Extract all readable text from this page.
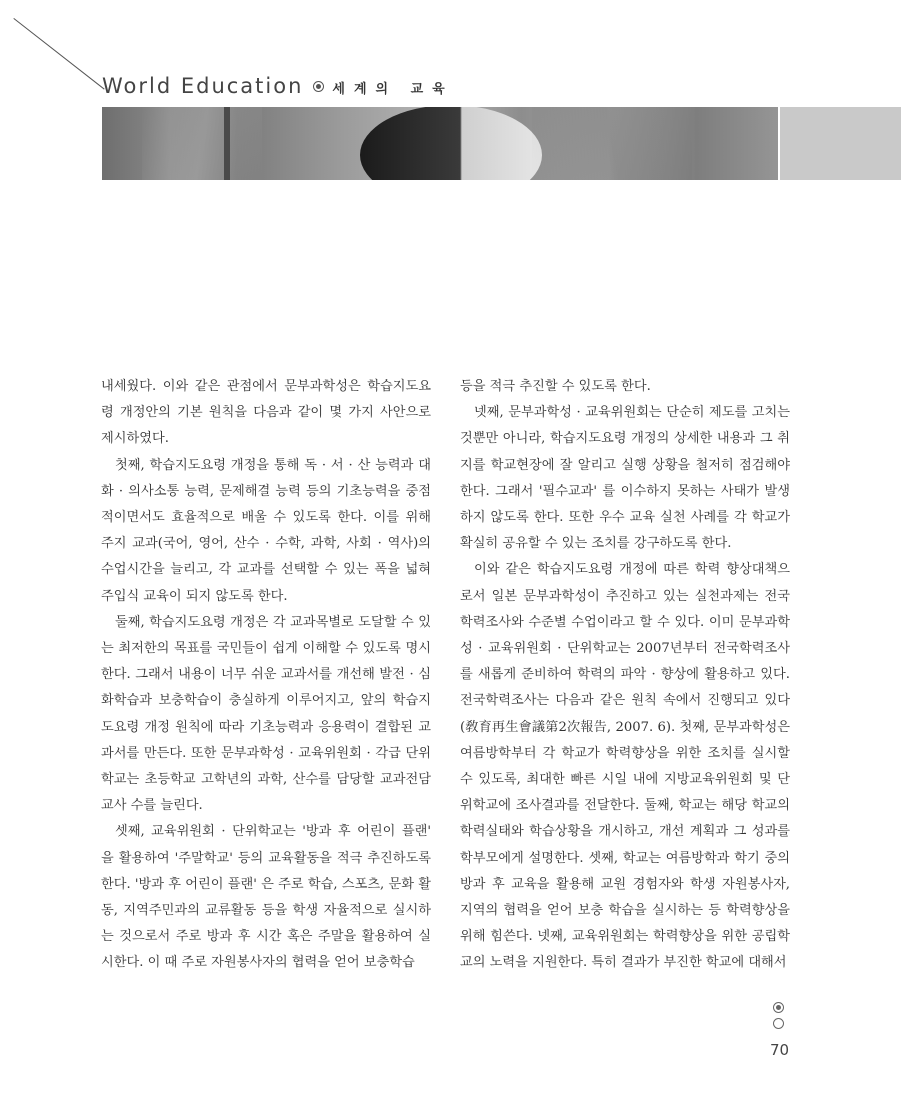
World Education 세계의 교육

내세웠다. 이와 같은 관점에서 문부과학성은 학습지도요령 개정안의 기본 원칙을 다음과 같이 몇 가지 사안으로 제시하였다.

첫째, 학습지도요령 개정을 통해 독 · 서 · 산 능력과 대화 · 의사소통 능력, 문제해결 능력 등의 기초능력을 중점적이면서도 효율적으로 배울 수 있도록 한다. 이를 위해 주지 교과(국어, 영어, 산수 · 수학, 과학, 사회 · 역사)의 수업시간을 늘리고, 각 교과를 선택할 수 있는 폭을 넓혀 주입식 교육이 되지 않도록 한다.

둘째, 학습지도요령 개정은 각 교과목별로 도달할 수 있는 최저한의 목표를 국민들이 쉽게 이해할 수 있도록 명시한다. 그래서 내용이 너무 쉬운 교과서를 개선해 발전 · 심화학습과 보충학습이 충실하게 이루어지고, 앞의 학습지도요령 개정 원칙에 따라 기초능력과 응용력이 결합된 교과서를 만든다. 또한 문부과학성 · 교육위원회 · 각급 단위학교는 초등학교 고학년의 과학, 산수를 담당할 교과전담 교사 수를 늘린다.

셋째, 교육위원회 · 단위학교는 '방과 후 어린이 플랜' 을 활용하여 '주말학교' 등의 교육활동을 적극 추진하도록 한다. '방과 후 어린이 플랜' 은 주로 학습, 스포츠, 문화 활동, 지역주민과의 교류활동 등을 학생 자율적으로 실시하는 것으로서 주로 방과 후 시간 혹은 주말을 활용하여 실시한다. 이 때 주로 자원봉사자의 협력을 얻어 보충학습

등을 적극 추진할 수 있도록 한다.

넷째, 문부과학성 · 교육위원회는 단순히 제도를 고치는 것뿐만 아니라, 학습지도요령 개정의 상세한 내용과 그 취지를 학교현장에 잘 알리고 실행 상황을 철저히 점검해야 한다. 그래서 '필수교과' 를 이수하지 못하는 사태가 발생하지 않도록 한다. 또한 우수 교육 실천 사례를 각 학교가 확실히 공유할 수 있는 조치를 강구하도록 한다.

이와 같은 학습지도요령 개정에 따른 학력 향상대책으로서 일본 문부과학성이 추진하고 있는 실천과제는 전국학력조사와 수준별 수업이라고 할 수 있다. 이미 문부과학성 · 교육위원회 · 단위학교는 2007년부터 전국학력조사를 새롭게 준비하여 학력의 파악 · 향상에 활용하고 있다. 전국학력조사는 다음과 같은 원칙 속에서 진행되고 있다(敎育再生會議第2次報告, 2007. 6). 첫째, 문부과학성은 여름방학부터 각 학교가 학력향상을 위한 조치를 실시할 수 있도록, 최대한 빠른 시일 내에 지방교육위원회 및 단위학교에 조사결과를 전달한다. 둘째, 학교는 해당 학교의 학력실태와 학습상황을 개시하고, 개선 계획과 그 성과를 학부모에게 설명한다. 셋째, 학교는 여름방학과 학기 중의 방과 후 교육을 활용해 교원 경험자와 학생 자원봉사자, 지역의 협력을 얻어 보충 학습을 실시하는 등 학력향상을 위해 힘쓴다. 넷째, 교육위원회는 학력향상을 위한 공립학교의 노력을 지원한다. 특히 결과가 부진한 학교에 대해서

70
